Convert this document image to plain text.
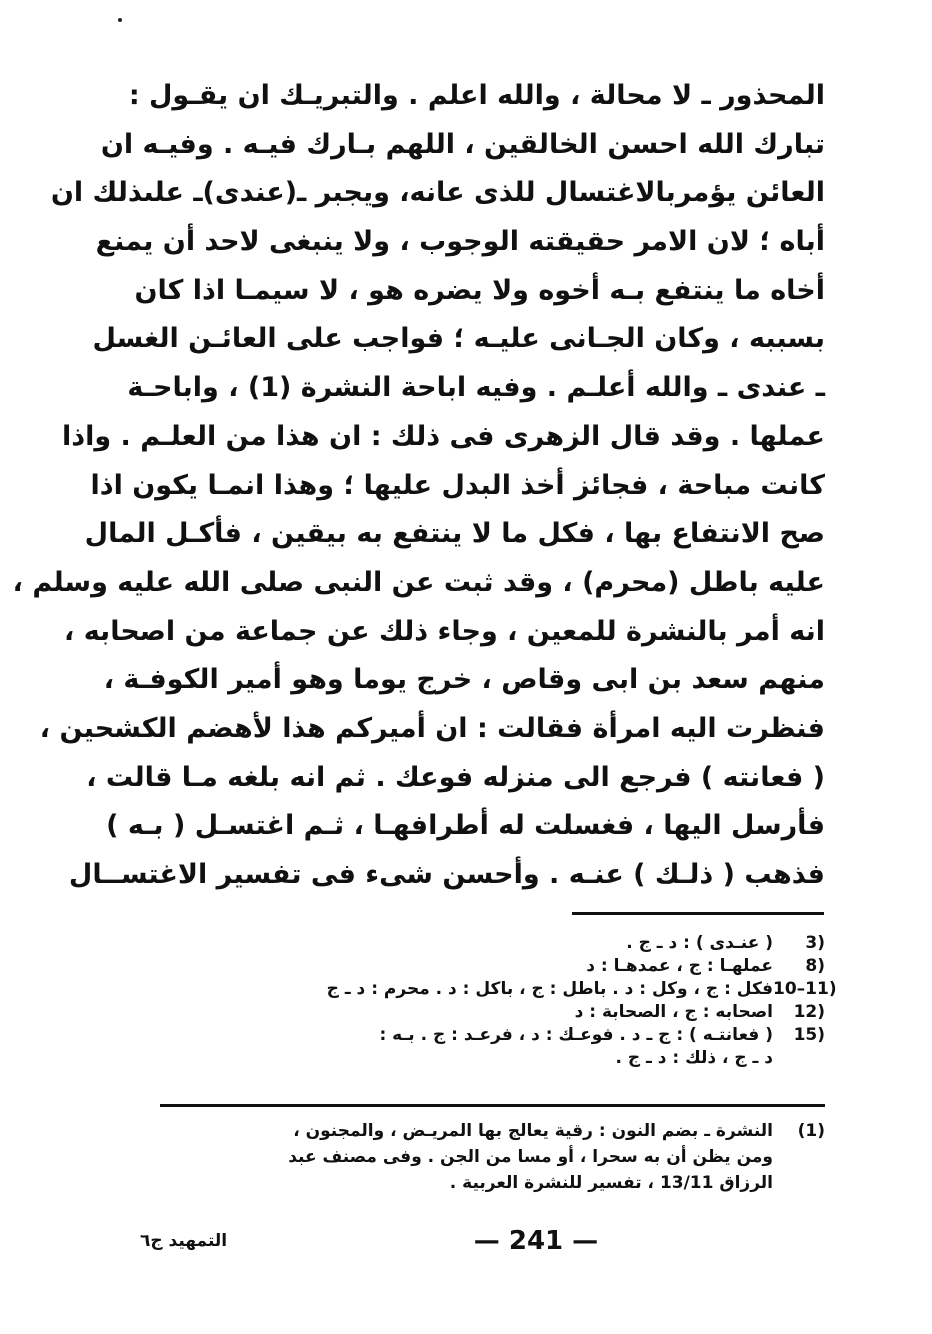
المحذور ـ لا محالة ، والله اعلم . والتبريـك ان يقـول :
تبارك الله احسن الخالقين ، اللهم بـارك فيـه . وفيـه ان
العائن يؤمربالاغتسال للذى عانه، ويجبر ـ(عندى)ـ علىذلك ان
أباه ؛ لان الامر حقيقته الوجوب ، ولا ينبغى لاحد أن يمنع
أخاه ما ينتفع بـه أخوه ولا يضره هو ، لا سيمـا اذا كان
بسببه ، وكان الجـانى عليـه ؛ فواجب على العائـن الغسل
ـ عندى ـ والله أعلـم . وفيه اباحة النشرة (1) ، واباحـة
عملها . وقد قال الزهرى فى ذلك : ان هذا من العلـم . واذا
كانت مباحة ، فجائز أخذ البدل عليها ؛ وهذا انمـا يكون اذا
صح الانتفاع بها ، فكل ما لا ينتفع به بيقين ، فأكـل المال
عليه باطل (محرم) ، وقد ثبت عن النبى صلى الله عليه وسلم ،
انه أمر بالنشرة للمعين ، وجاء ذلك عن جماعة من اصحابه ،
منهم سعد بن ابى وقاص ، خرج يوما وهو أمير الكوفـة ،
فنظرت اليه امرأة فقالت : ان أميركم هذا لأهضم الكشحين ،
( فعانته ) فرجع الى منزله فوعك . ثم انه بلغه مـا قالت ،
فأرسل اليها ، فغسلت له أطرافهـا ، ثـم اغتسـل ( بـه )
فذهب ( ذلـك ) عنـه . وأحسن شىء فى تفسير الاغتســال
3)
( عنـدى ) : د ـ ج .
8)
عملهـا : ج ، عمدهـا : د
10–11)
فكل : ج ، وكل : د . باطل : ج ، باكل : د . محرم : د ـ ج
12)
اصحابه : ج ، الصحابة : د
15)
( فعانتـه ) : ج ـ د . فوعـك : د ، فرعـد : ج . بـه :
د ـ ج ، ذلك : د ـ ج .
(1)
النشرة ـ بضم النون : رقية يعالج بها المريـض ، والمجنون ،
ومن يظن أن به سحرا ، أو مسا من الجن . وفى مصنف عبد
الرزاق 13/11 ، تفسير للنشرة العربية .
— 241 —
التمهيد ج٦
